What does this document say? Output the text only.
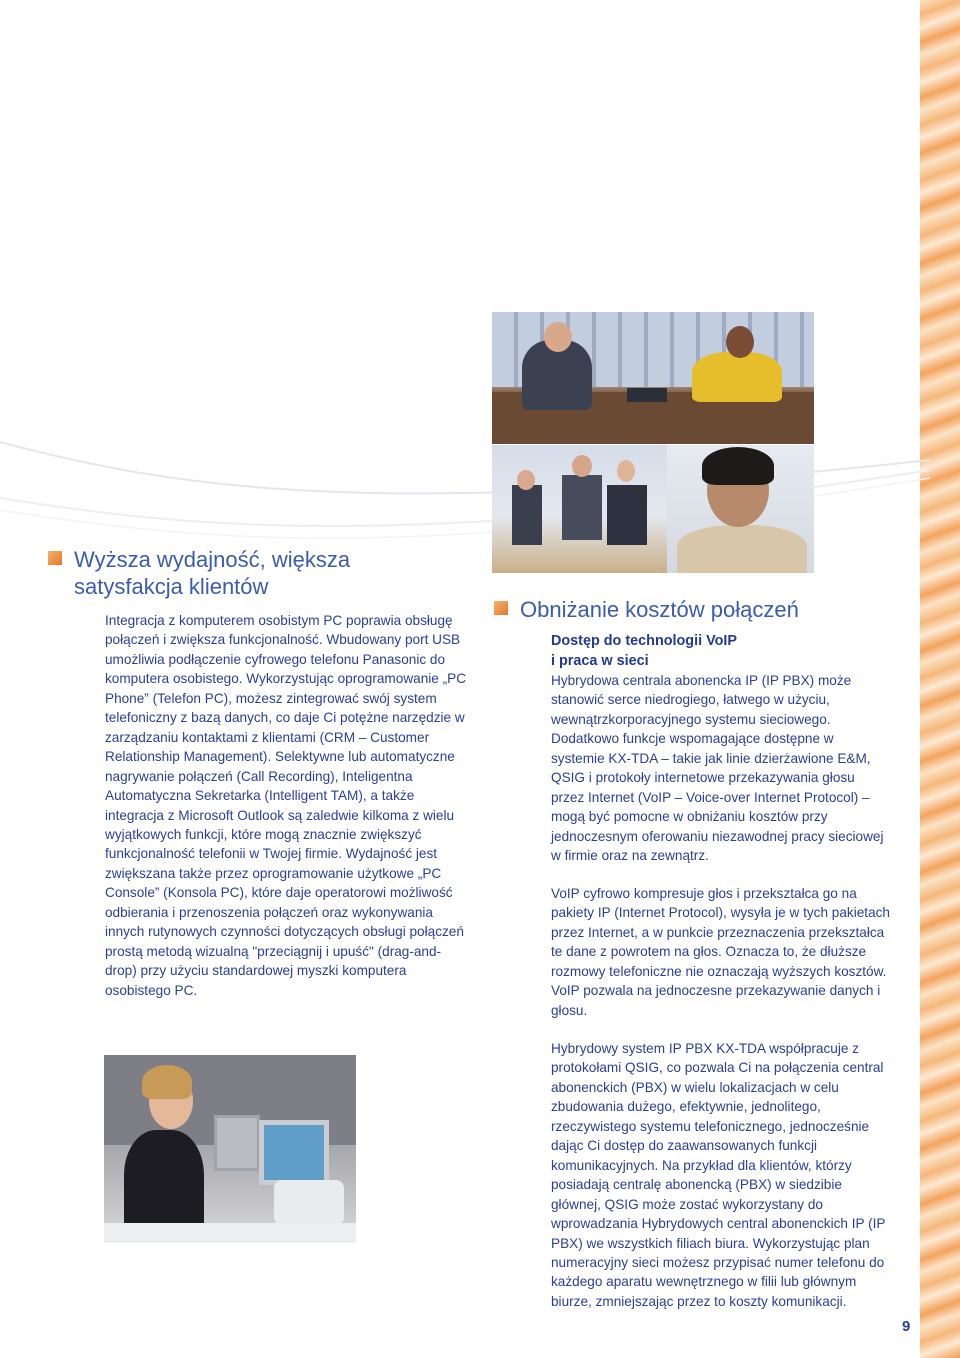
Wyższa wydajność, większa
satysfakcja klientów

Integracja z komputerem osobistym PC poprawia obsługę połączeń i zwiększa funkcjonalność. Wbudowany port USB umożliwia podłączenie cyfrowego telefonu Panasonic do komputera osobistego. Wykorzystując oprogramowanie „PC Phone” (Telefon PC), możesz zintegrować swój system telefoniczny z bazą danych, co daje Ci potężne narzędzie w zarządzaniu kontaktami z klientami (CRM – Customer Relationship Management). Selektywne lub automatyczne nagrywanie połączeń (Call Recording), Inteligentna Automatyczna Sekretarka (Intelligent TAM), a także integracja z Microsoft Outlook są zaledwie kilkoma z wielu wyjątkowych funkcji, które mogą znacznie zwiększyć funkcjonalność telefonii w Twojej firmie. Wydajność jest zwiększana także przez oprogramowanie użytkowe „PC Console” (Konsola PC), które daje operatorowi możliwość odbierania i przenoszenia połączeń oraz wykonywania innych rutynowych czynności dotyczących obsługi połączeń prostą metodą wizualną "przeciągnij i upuść" (drag-and-drop) przy użyciu standardowej myszki komputera osobistego PC.

Obniżanie kosztów połączeń
Dostęp do technologii VoIP
i praca w sieci

Hybrydowa centrala abonencka IP (IP PBX) może stanowić serce niedrogiego, łatwego w użyciu, wewnątrzkorporacyjnego systemu sieciowego. Dodatkowo funkcje wspomagające dostępne w systemie KX-TDA – takie jak linie dzierżawione E&M, QSIG i protokoły internetowe przekazywania głosu przez Internet (VoIP – Voice-over Internet Protocol) – mogą być pomocne w obniżaniu kosztów przy jednoczesnym oferowaniu niezawodnej pracy sieciowej w firmie oraz na zewnątrz.

VoIP cyfrowo kompresuje głos i przekształca go na pakiety IP (Internet Protocol), wysyła je w tych pakietach przez Internet, a w punkcie przeznaczenia przekształca te dane z powrotem na głos. Oznacza to, że dłuższe rozmowy telefoniczne nie oznaczają wyższych kosztów. VoIP pozwala na jednoczesne przekazywanie danych i głosu.

Hybrydowy system IP PBX KX-TDA współpracuje z protokołami QSIG, co pozwala Ci na połączenia central abonenckich (PBX) w wielu lokalizacjach w celu zbudowania dużego, efektywnie, jednolitego, rzeczywistego systemu telefonicznego, jednocześnie dając Ci dostęp do zaawansowanych funkcji komunikacyjnych. Na przykład dla klientów, którzy posiadają centralę abonencką (PBX) w siedzibie głównej, QSIG może zostać wykorzystany do wprowadzania Hybrydowych central abonenckich IP (IP PBX) we wszystkich filiach biura. Wykorzystując plan numeracyjny sieci możesz przypisać numer telefonu do każdego aparatu wewnętrznego w filii lub głównym biurze, zmniejszając przez to koszty komunikacji.

9
